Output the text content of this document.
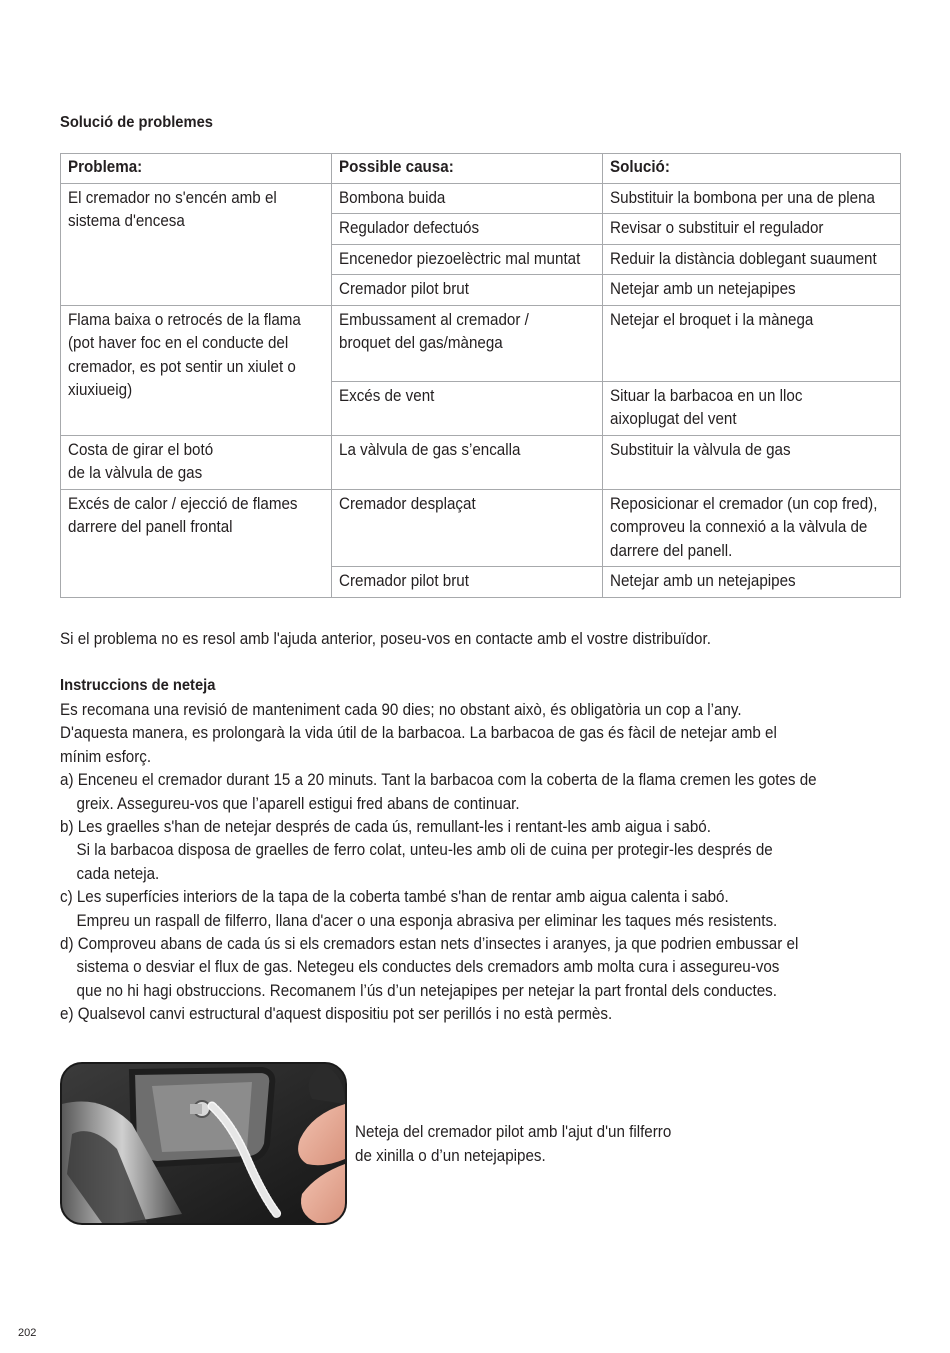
Solució de problemes
Problema:	Possible causa:	Solució:

El cremador no s'encén amb el
sistema d'encesa	Bombona buida	Substituir la bombona per una de plena

	Regulador defectuós	Revisar o substituir el regulador

	Encenedor piezoelèctric mal muntat	Reduir la distància doblegant suaument

	Cremador pilot brut	Netejar amb un netejapipes

Flama baixa o retrocés de la flama
(pot haver foc en el conducte del
cremador, es pot sentir un xiulet o
xiuxiueig)	Embussament al cremador /
broquet del gas/mànega	Netejar el broquet i la mànega

	Excés de vent	Situar la barbacoa en un lloc
aixoplugat del vent

Costa de girar el botó
de la vàlvula de gas	La vàlvula de gas s’encalla	Substituir la vàlvula de gas

Excés de calor / ejecció de flames
darrere del panell frontal	Cremador desplaçat	Reposicionar el cremador (un cop fred),
comproveu la connexió a la vàlvula de
darrere del panell.

	Cremador pilot brut	Netejar amb un netejapipes
Si el problema no es resol amb l'ajuda anterior, poseu-vos en contacte amb el vostre distribuïdor.
Instruccions de neteja
Es recomana una revisió de manteniment cada 90 dies; no obstant això, és obligatòria un cop a l’any.
D'aquesta manera, es prolongarà la vida útil de la barbacoa. La barbacoa de gas és fàcil de netejar amb el
mínim esforç.
a) Enceneu el cremador durant 15 a 20 minuts. Tant la barbacoa com la coberta de la flama cremen les gotes de
greix. Assegureu-vos que l’aparell estigui fred abans de continuar.
b) Les graelles s'han de netejar després de cada ús, remullant-les i rentant-les amb aigua i sabó.
Si la barbacoa disposa de graelles de ferro colat, unteu-les amb oli de cuina per protegir-les després de
cada neteja.
c) Les superfícies interiors de la tapa de la coberta també s'han de rentar amb aigua calenta i sabó.
Empreu un raspall de filferro, llana d'acer o una esponja abrasiva per eliminar les taques més resistents.
d) Comproveu abans de cada ús si els cremadors estan nets d’insectes i aranyes, ja que podrien embussar el
sistema o desviar el flux de gas. Netegeu els conductes dels cremadors amb molta cura i assegureu-vos
que no hi hagi obstruccions. Recomanem l’ús d’un netejapipes per netejar la part frontal dels conductes.
e) Qualsevol canvi estructural d'aquest dispositiu pot ser perillós i no està permès.
Neteja del cremador pilot amb l'ajut d'un filferro
de xinilla o d’un netejapipes.
202
